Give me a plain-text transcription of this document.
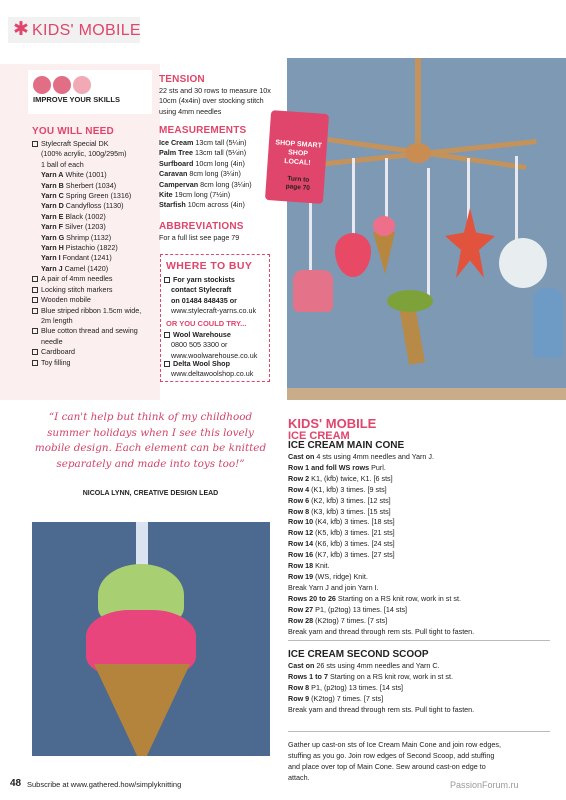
✱ KIDS' MOBILE
IMPROVE YOUR SKILLS
YOU WILL NEED
Stylecraft Special DK
(100% acrylic, 100g/295m)
1 ball of each
Yarn A White (1001)
Yarn B Sherbert (1034)
Yarn C Spring Green (1316)
Yarn D Candyfloss (1130)
Yarn E Black (1002)
Yarn F Silver (1203)
Yarn G Shrimp (1132)
Yarn H Pistachio (1822)
Yarn I Fondant (1241)
Yarn J Camel (1420)
A pair of 4mm needles
Locking stitch markers
Wooden mobile
Blue striped ribbon 1.5cm wide,
2m length
Blue cotton thread and sewing
needle
Cardboard
Toy filling
TENSION
22 sts and 30 rows to measure 10x
10cm (4x4in) over stocking stitch
using 4mm needles
MEASUREMENTS
Ice Cream 13cm tall (5¼in)
Palm Tree 13cm tall (5¼in)
Surfboard 10cm long (4in)
Caravan 8cm long (3¼in)
Campervan 8cm long (3¼in)
Kite 19cm long (7½in)
Starfish 10cm across (4in)
ABBREVIATIONS
For a full list see page 79
WHERE TO BUY
For yarn stockists
contact Stylecraft
on 01484 848435 or
www.stylecraft-yarns.co.uk
OR YOU COULD TRY...
Wool Warehouse
0800 505 3300 or
www.woolwarehouse.co.uk
Delta Wool Shop
www.deltawoolshop.co.uk
SHOP SMART
SHOP
LOCAL!
Turn to
page 70
“I can't help but think of my childhood summer holidays when I see this lovely mobile design. Each element can be knitted separately and made into toys too!”
NICOLA LYNN, CREATIVE DESIGN LEAD
KIDS' MOBILE
ICE CREAM
ICE CREAM MAIN CONE
Cast on 4 sts using 4mm needles and Yarn J.
Row 1 and foll WS rows Purl.
Row 2 K1, (kfb) twice, K1. [6 sts]
Row 4 (K1, kfb) 3 times. [9 sts]
Row 6 (K2, kfb) 3 times. [12 sts]
Row 8 (K3, kfb) 3 times. [15 sts]
Row 10 (K4, kfb) 3 times. [18 sts]
Row 12 (K5, kfb) 3 times. [21 sts]
Row 14 (K6, kfb) 3 times. [24 sts]
Row 16 (K7, kfb) 3 times. [27 sts]
Row 18 Knit.
Row 19 (WS, ridge) Knit.
Break Yarn J and join Yarn I.
Rows 20 to 26 Starting on a RS knit row, work in st st.
Row 27 P1, (p2tog) 13 times. [14 sts]
Row 28 (K2tog) 7 times. [7 sts]
Break yarn and thread through rem sts. Pull tight to fasten.
ICE CREAM SECOND SCOOP
Cast on 26 sts using 4mm needles and Yarn C.
Rows 1 to 7 Starting on a RS knit row, work in st st.
Row 8 P1, (p2tog) 13 times. [14 sts]
Row 9 (K2tog) 7 times. [7 sts]
Break yarn and thread through rem sts. Pull tight to fasten.
Gather up cast-on sts of Ice Cream Main Cone and join row edges,
stuffing as you go. Join row edges of Second Scoop, add stuffing
and place over top of Main Cone. Sew around cast-on edge to
attach.
48 Subscribe at www.gathered.how/simplyknitting	PassionForum.ru
